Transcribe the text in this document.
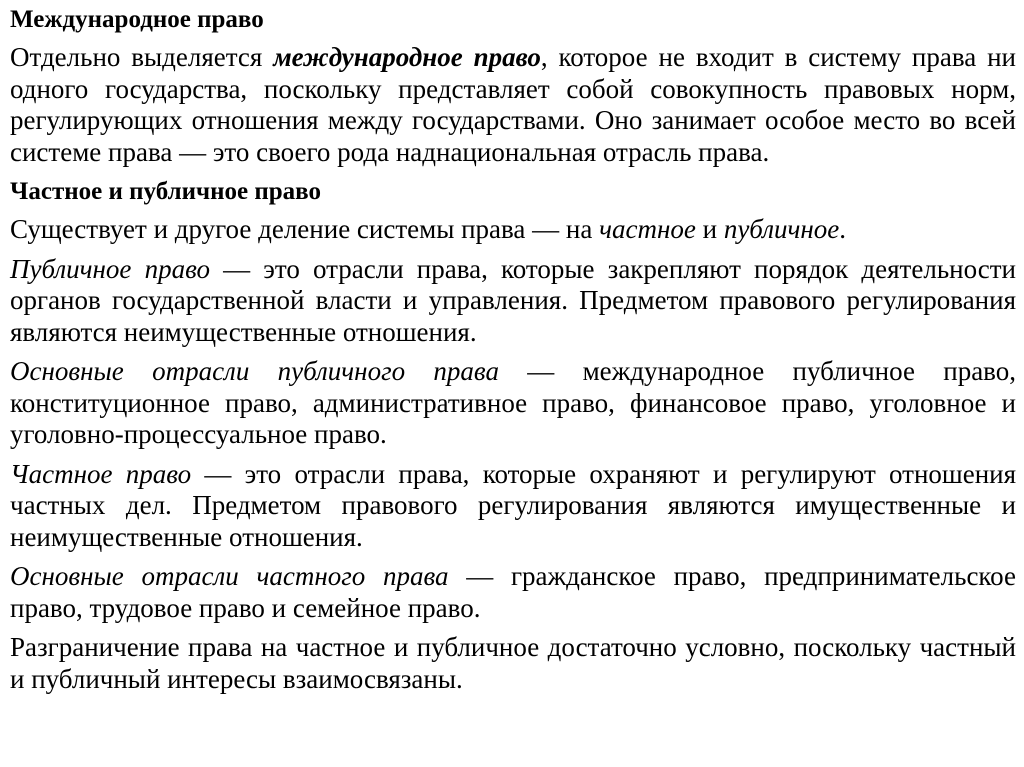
Международное право

Отдельно выделяется международное право, которое не входит в систему права ни одного государства, поскольку представляет собой совокупность правовых норм, регулирующих отношения между государствами. Оно занимает особое место во всей системе права — это своего рода наднациональная отрасль права.

Частное и публичное право

Существует и другое деление системы права — на частное и публичное.

Публичное право — это отрасли права, которые закрепляют порядок деятельности органов государственной власти и управления. Предметом правового регулирования являются неимущественные отношения.

Основные отрасли публичного права — международное публичное право, конституционное право, административное право, финансовое право, уголовное и уголовно-процессуальное право.

Частное право — это отрасли права, которые охраняют и регулируют отношения частных дел. Предметом правового регулирования являются имущественные и неимущественные отношения.

Основные отрасли частного права — гражданское право, предпринимательское право, трудовое право и семейное право.

Разграничение права на частное и публичное достаточно условно, поскольку частный и публичный интересы взаимосвязаны.
